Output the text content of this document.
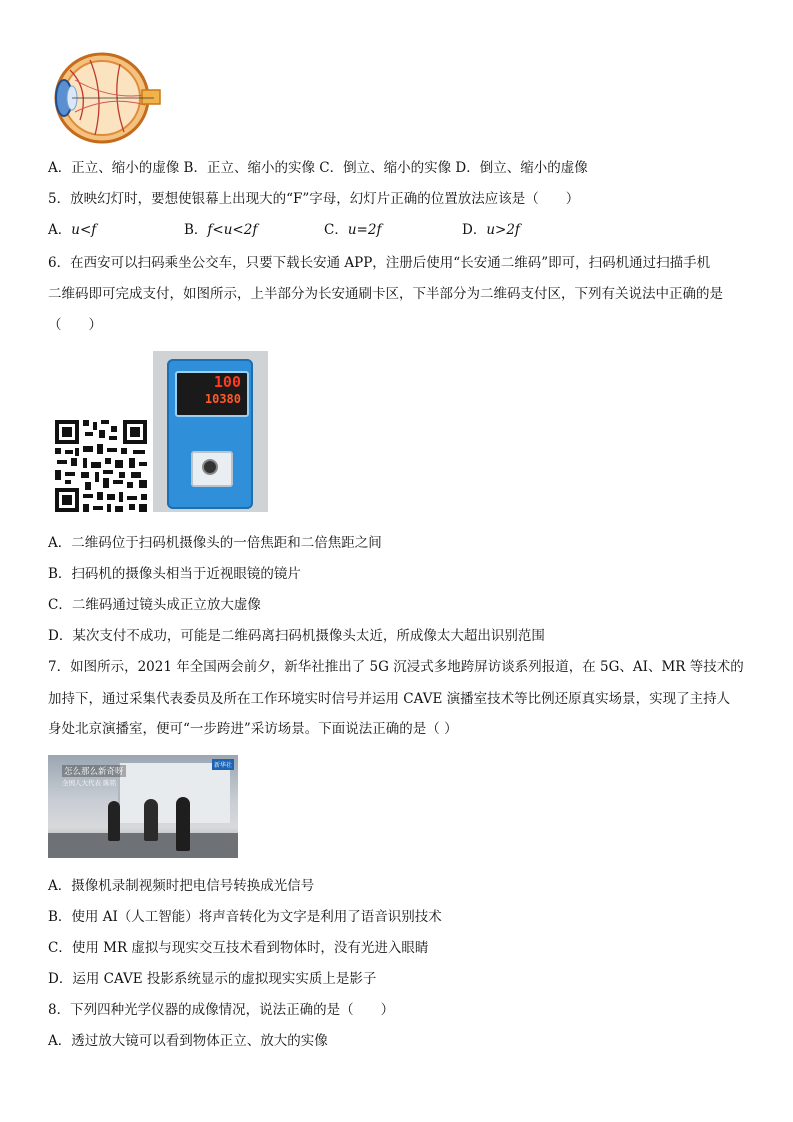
A．正立、缩小的虚像 B．正立、缩小的实像 C．倒立、缩小的实像 D．倒立、缩小的虚像
5．放映幻灯时，要想使银幕上出现大的“F”字母，幻灯片正确的位置放法应该是（　　）
A．u<f	B．f<u<2f	C．u=2f	D．u>2f
6．在西安可以扫码乘坐公交车，只要下载长安通 APP，注册后使用“长安通二维码”即可，扫码机通过扫描手机
二维码即可完成支付，如图所示，上半部分为长安通刷卡区，下半部分为二维码支付区，下列有关说法中正确的是
（　　）
100
10380
A．二维码位于扫码机摄像头的一倍焦距和二倍焦距之间
B．扫码机的摄像头相当于近视眼镜的镜片
C．二维码通过镜头成正立放大虚像
D．某次支付不成功，可能是二维码离扫码机摄像头太近，所成像太大超出识别范围
7．如图所示，2021 年全国两会前夕，新华社推出了 5G 沉浸式多地跨屏访谈系列报道，在 5G、AI、MR 等技术的
加持下，通过采集代表委员及所在工作环境实时信号并运用 CAVE 演播室技术等比例还原真实场景，实现了主持人
身处北京演播室，便可“一步跨进”采访场景。下面说法正确的是（ ）
怎么那么新奇呀
全国人大代表 陈铭
新华社
A．摄像机录制视频时把电信号转换成光信号
B．使用 AI（人工智能）将声音转化为文字是利用了语音识别技术
C．使用 MR 虚拟与现实交互技术看到物体时，没有光进入眼睛
D．运用 CAVE 投影系统显示的虚拟现实实质上是影子
8．下列四种光学仪器的成像情况，说法正确的是（　　）
A．透过放大镜可以看到物体正立、放大的实像
